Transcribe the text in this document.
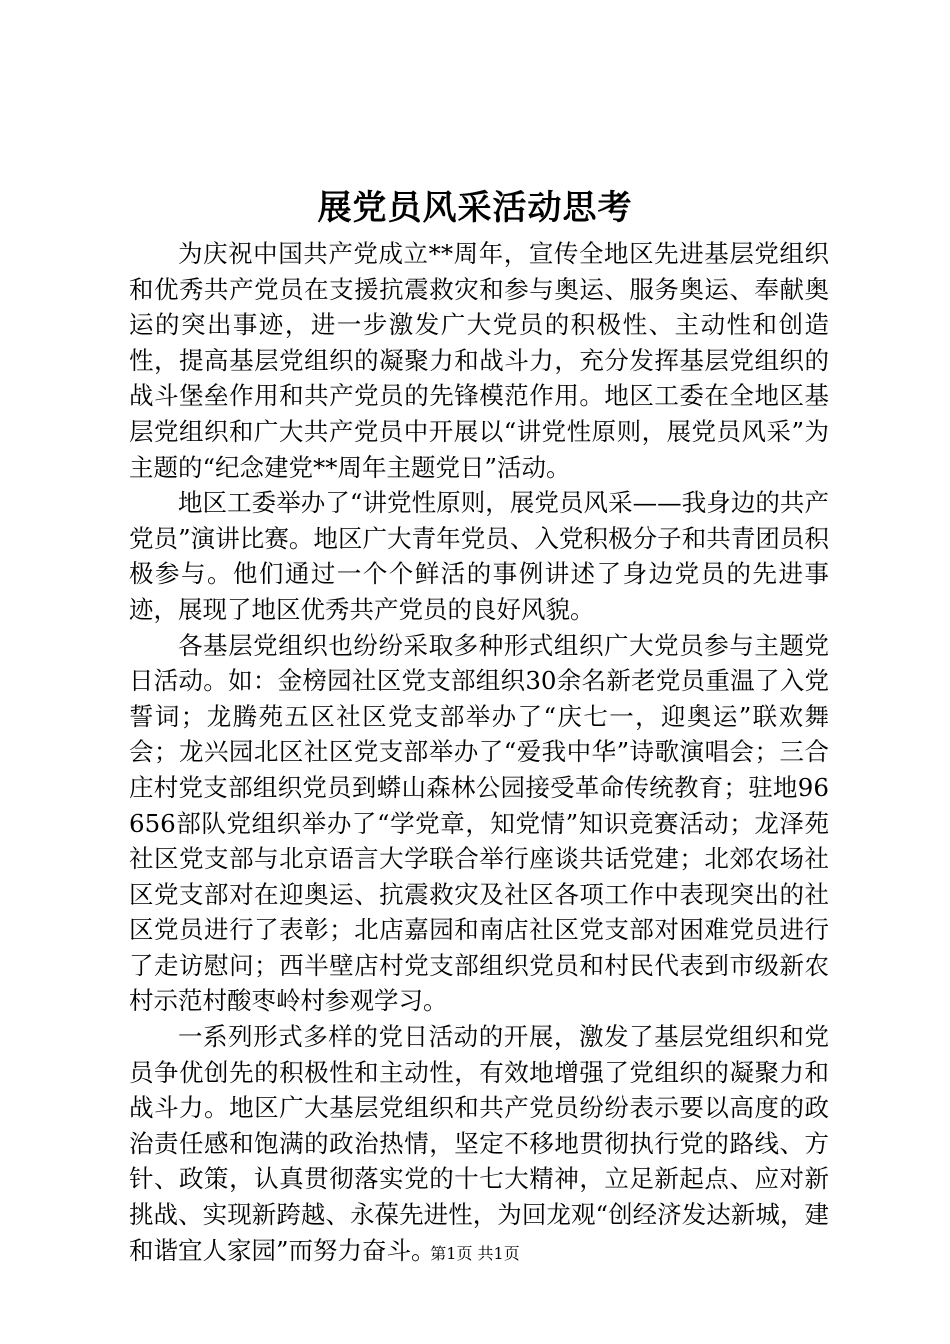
展党员风采活动思考

为庆祝中国共产党成立**周年，宣传全地区先进基层党组织和优秀共产党员在支援抗震救灾和参与奥运、服务奥运、奉献奥运的突出事迹，进一步激发广大党员的积极性、主动性和创造性，提高基层党组织的凝聚力和战斗力，充分发挥基层党组织的战斗堡垒作用和共产党员的先锋模范作用。地区工委在全地区基层党组织和广大共产党员中开展以“讲党性原则，展党员风采”为主题的“纪念建党**周年主题党日”活动。

地区工委举办了“讲党性原则，展党员风采——我身边的共产党员”演讲比赛。地区广大青年党员、入党积极分子和共青团员积极参与。他们通过一个个鲜活的事例讲述了身边党员的先进事迹，展现了地区优秀共产党员的良好风貌。

各基层党组织也纷纷采取多种形式组织广大党员参与主题党日活动。如：金榜园社区党支部组织30余名新老党员重温了入党誓词；龙腾苑五区社区党支部举办了“庆七一，迎奥运”联欢舞会；龙兴园北区社区党支部举办了“爱我中华”诗歌演唱会；三合庄村党支部组织党员到蟒山森林公园接受革命传统教育；驻地96656部队党组织举办了“学党章，知党情”知识竞赛活动；龙泽苑社区党支部与北京语言大学联合举行座谈共话党建；北郊农场社区党支部对在迎奥运、抗震救灾及社区各项工作中表现突出的社区党员进行了表彰；北店嘉园和南店社区党支部对困难党员进行了走访慰问；西半壁店村党支部组织党员和村民代表到市级新农村示范村酸枣岭村参观学习。

一系列形式多样的党日活动的开展，激发了基层党组织和党员争优创先的积极性和主动性，有效地增强了党组织的凝聚力和战斗力。地区广大基层党组织和共产党员纷纷表示要以高度的政治责任感和饱满的政治热情，坚定不移地贯彻执行党的路线、方针、政策，认真贯彻落实党的十七大精神，立足新起点、应对新挑战、实现新跨越、永葆先进性，为回龙观“创经济发达新城，建和谐宜人家园”而努力奋斗。

第1页 共1页
